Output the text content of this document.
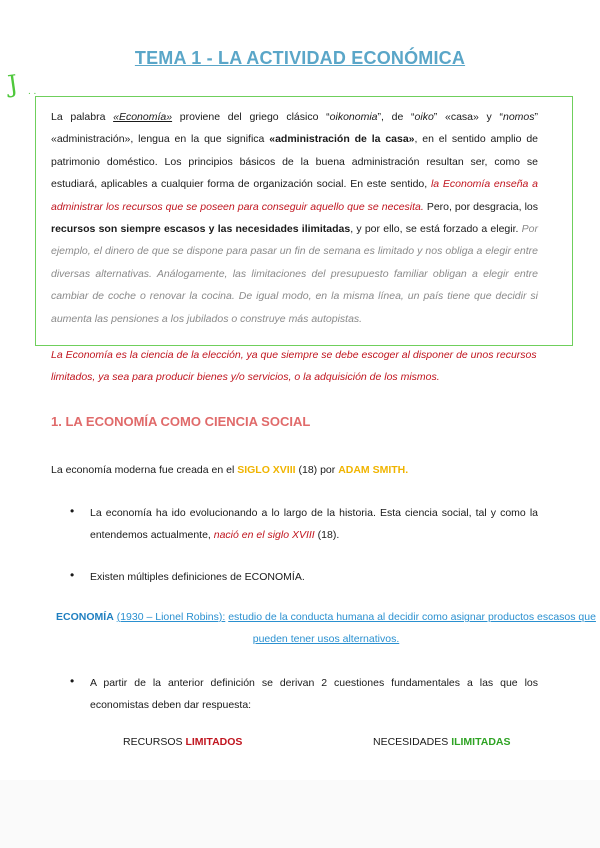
TEMA 1 - LA ACTIVIDAD ECONÓMICA
J . .
La palabra «Economía» proviene del griego clásico “oikonomia”, de “oiko” «casa» y “nomos” «administración», lengua en la que significa «administración de la casa», en el sentido amplio de patrimonio doméstico. Los principios básicos de la buena administración resultan ser, como se estudiará, aplicables a cualquier forma de organización social. En este sentido, la Economía enseña a administrar los recursos que se poseen para conseguir aquello que se necesita. Pero, por desgracia, los recursos son siempre escasos y las necesidades ilimitadas, y por ello, se está forzado a elegir. Por ejemplo, el dinero de que se dispone para pasar un fin de semana es limitado y nos obliga a elegir entre diversas alternativas. Análogamente, las limitaciones del presupuesto familiar obligan a elegir entre cambiar de coche o renovar la cocina. De igual modo, en la misma línea, un país tiene que decidir si aumenta las pensiones a los jubilados o construye más autopistas.
La Economía es la ciencia de la elección, ya que siempre se debe escoger al disponer de unos recursos limitados, ya sea para producir bienes y/o servicios, o la adquisición de los mismos.
1. LA ECONOMÍA COMO CIENCIA SOCIAL
La economía moderna fue creada en el SIGLO XVIII (18) por ADAM SMITH.
• La economía ha ido evolucionando a lo largo de la historia. Esta ciencia social, tal y como la entendemos actualmente, nació en el siglo XVIII (18).
• Existen múltiples definiciones de ECONOMÍA.
ECONOMÍA (1930 – Lionel Robins): estudio de la conducta humana al decidir como asignar productos escasos que pueden tener usos alternativos.
• A partir de la anterior definición se derivan 2 cuestiones fundamentales a las que los economistas deben dar respuesta:
RECURSOS LIMITADOS	NECESIDADES ILIMITADAS
